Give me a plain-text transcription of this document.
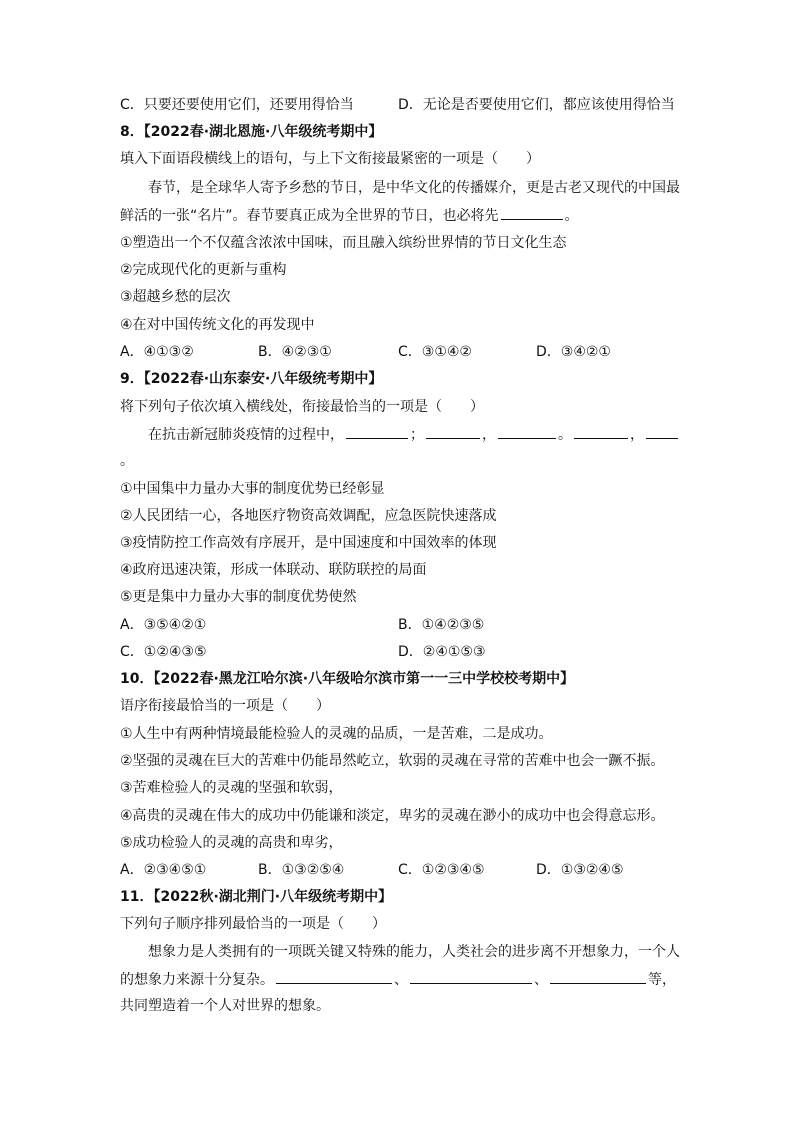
C．只要还要使用它们，还要用得恰当	D．无论是否要使用它们，都应该使用得恰当
8．【2022春·湖北恩施·八年级统考期中】
填入下面语段横线上的语句，与上下文衔接最紧密的一项是（　　）
春节，是全球华人寄予乡愁的节日，是中华文化的传播媒介，更是古老又现代的中国最
鲜活的一张“名片”。春节要真正成为全世界的节日，也必将先	。
①塑造出一个不仅蕴含浓浓中国味，而且融入缤纷世界情的节日文化生态
②完成现代化的更新与重构
③超越乡愁的层次
④在对中国传统文化的再发现中
A．④①③②	B．④②③①	C．③①④②	D．③④②①
9．【2022春·山东泰安·八年级统考期中】
将下列句子依次填入横线处，衔接最恰当的一项是（　　）
在抗击新冠肺炎疫情的过程中，	；	，	。	，
。
①中国集中力量办大事的制度优势已经彰显
②人民团结一心，各地医疗物资高效调配，应急医院快速落成
③疫情防控工作高效有序展开，是中国速度和中国效率的体现
④政府迅速决策，形成一体联动、联防联控的局面
⑤更是集中力量办大事的制度优势使然
A．③⑤④②①	B．①④②③⑤
C．①②④③⑤	D．②④①⑤③
10．【2022春·黑龙江哈尔滨·八年级哈尔滨市第一一三中学校校考期中】
语序衔接最恰当的一项是（　　）
①人生中有两种情境最能检验人的灵魂的品质，一是苦难，二是成功。
②坚强的灵魂在巨大的苦难中仍能昂然屹立，软弱的灵魂在寻常的苦难中也会一蹶不振。
③苦难检验人的灵魂的坚强和软弱，
④高贵的灵魂在伟大的成功中仍能谦和淡定，卑劣的灵魂在渺小的成功中也会得意忘形。
⑤成功检验人的灵魂的高贵和卑劣，
A．②③④⑤①	B．①③②⑤④	C．①②③④⑤	D．①③②④⑤
11．【2022秋·湖北荆门·八年级统考期中】
下列句子顺序排列最恰当的一项是（　　）
想象力是人类拥有的一项既关键又特殊的能力，人类社会的进步离不开想象力，一个人
的想象力来源十分复杂。	、	、	等，
共同塑造着一个人对世界的想象。
